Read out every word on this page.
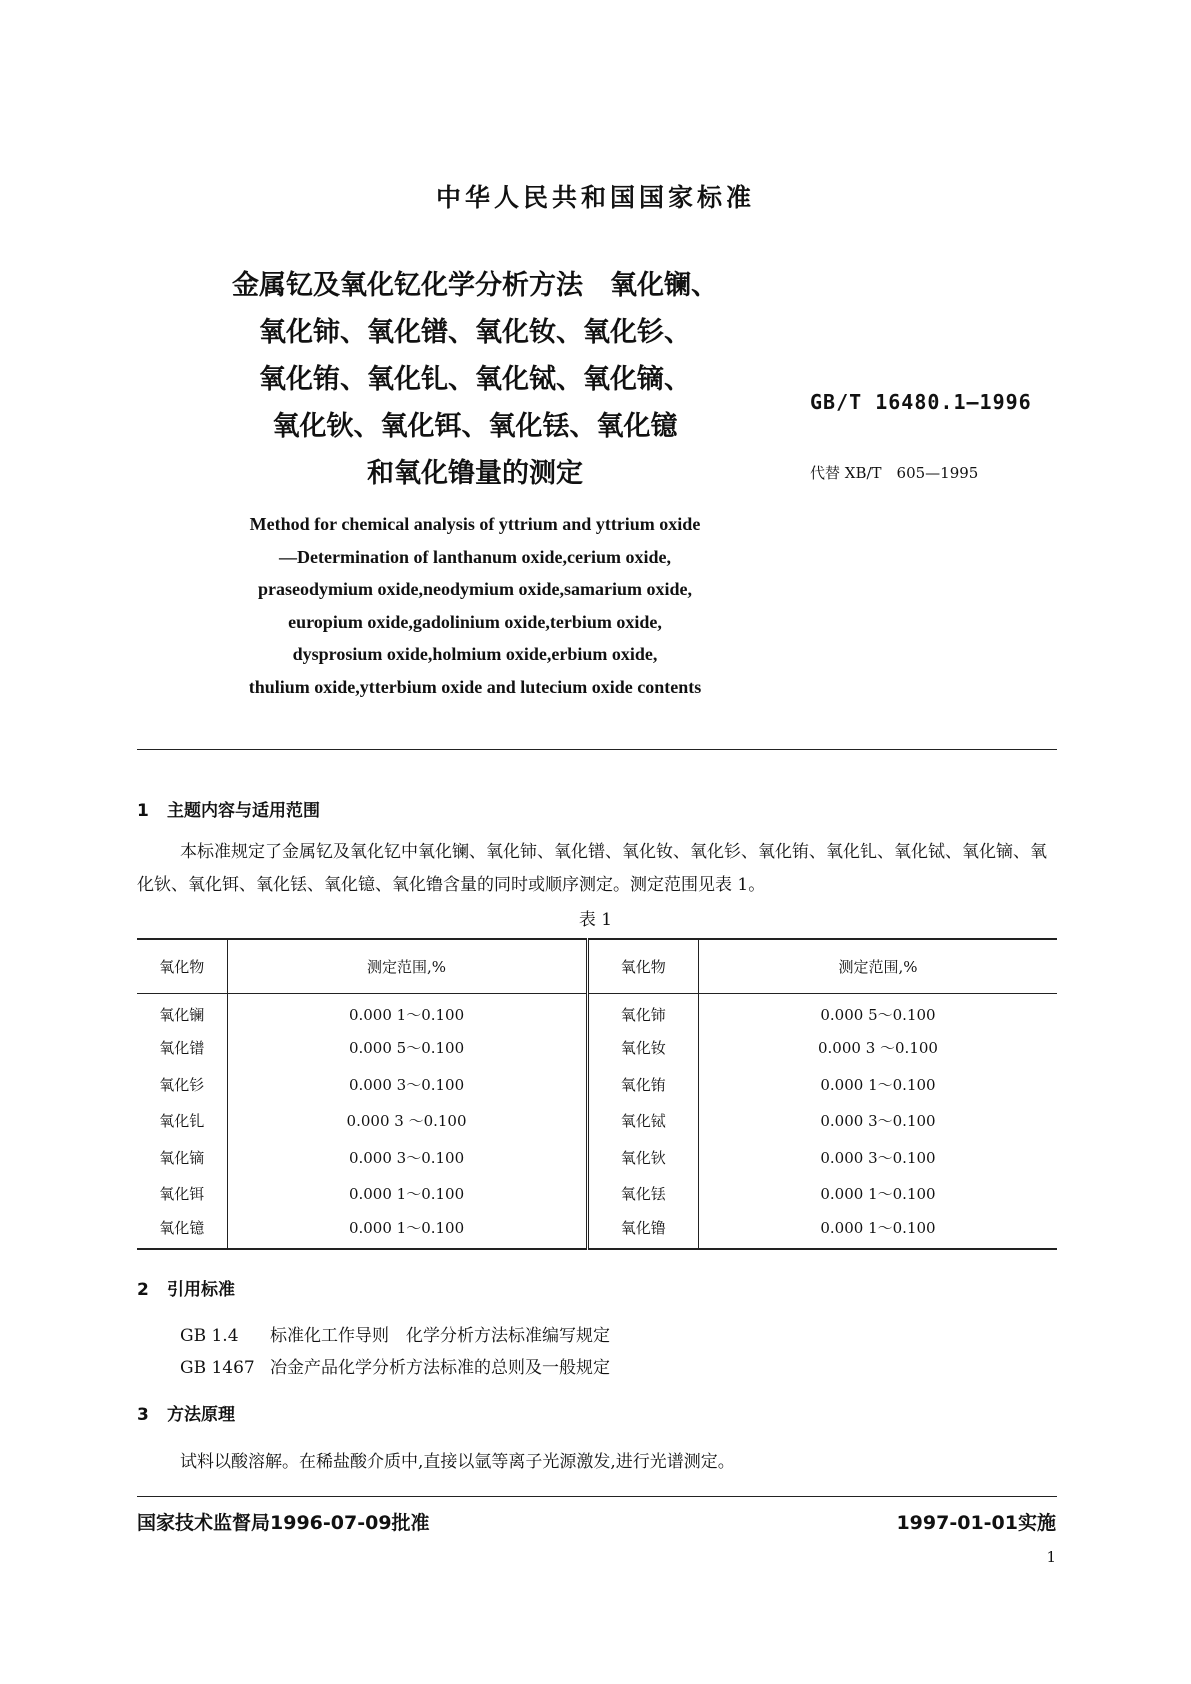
中华人民共和国国家标准
金属钇及氧化钇化学分析方法　氧化镧、
氧化铈、氧化镨、氧化钕、氧化钐、
氧化铕、氧化钆、氧化铽、氧化镝、
氧化钬、氧化铒、氧化铥、氧化镱
和氧化镥量的测定
GB/T 16480.1—1996
代替 XB/T　605—1995
Method for chemical analysis of yttrium and yttrium oxide
—Determination of lanthanum oxide,cerium oxide,
praseodymium oxide,neodymium oxide,samarium oxide,
europium oxide,gadolinium oxide,terbium oxide,
dysprosium oxide,holmium oxide,erbium oxide,
thulium oxide,ytterbium oxide and lutecium oxide contents
1 主题内容与适用范围
本标准规定了金属钇及氧化钇中氧化镧、氧化铈、氧化镨、氧化钕、氧化钐、氧化铕、氧化钆、氧化铽、氧化镝、氧化钬、氧化铒、氧化铥、氧化镱、氧化镥含量的同时或顺序测定。测定范围见表 1。
表 1
氧化物	测定范围,%	氧化物	测定范围,%
氧化镧	0.000 1～0.100	氧化铈	0.000 5～0.100
氧化镨	0.000 5～0.100	氧化钕	0.000 3 ～0.100
氧化钐	0.000 3～0.100	氧化铕	0.000 1～0.100
氧化钆	0.000 3 ～0.100	氧化铽	0.000 3～0.100
氧化镝	0.000 3～0.100	氧化钬	0.000 3～0.100
氧化铒	0.000 1～0.100	氧化铥	0.000 1～0.100
氧化镱	0.000 1～0.100	氧化镥	0.000 1～0.100
2 引用标准
GB 1.4 标准化工作导则　化学分析方法标准编写规定
GB 1467 冶金产品化学分析方法标准的总则及一般规定
3 方法原理
试料以酸溶解。在稀盐酸介质中,直接以氩等离子光源激发,进行光谱测定。
国家技术监督局1996-07-09批准	1997-01-01实施
1
